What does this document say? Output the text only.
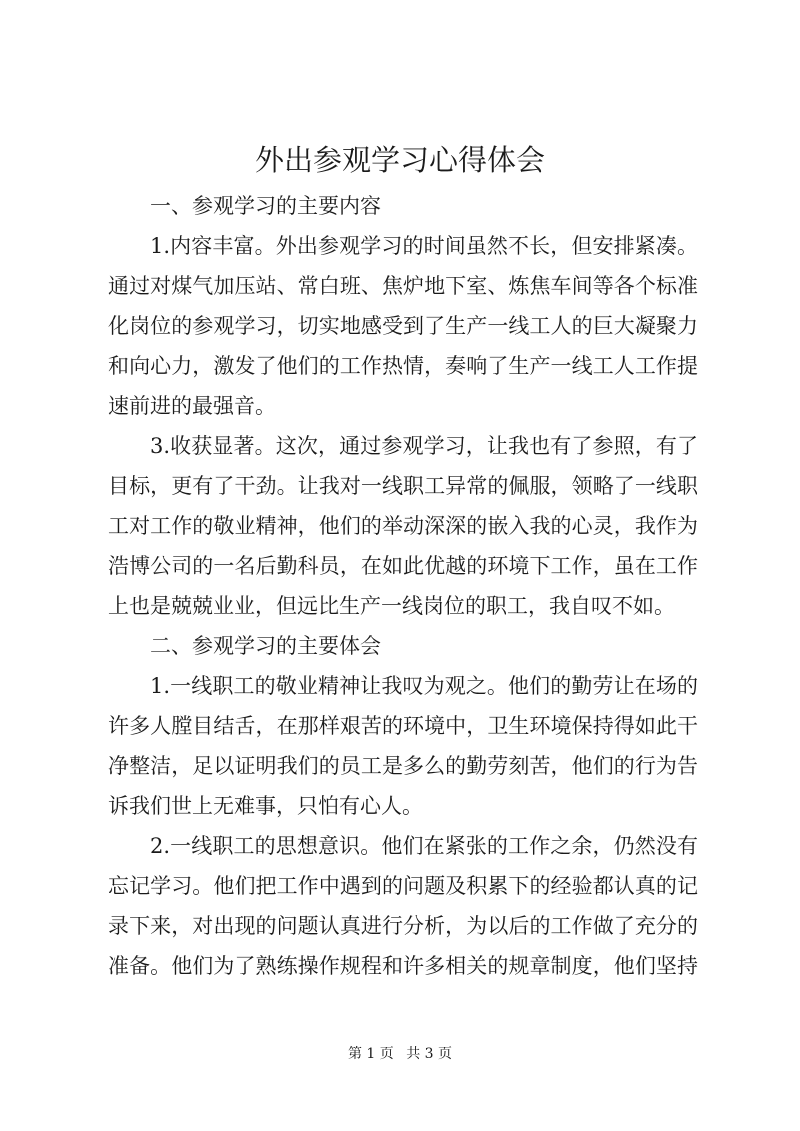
外出参观学习心得体会
一、参观学习的主要内容
1.内容丰富。外出参观学习的时间虽然不长，但安排紧凑。
通过对煤气加压站、常白班、焦炉地下室、炼焦车间等各个标准
化岗位的参观学习，切实地感受到了生产一线工人的巨大凝聚力
和向心力，激发了他们的工作热情，奏响了生产一线工人工作提
速前进的最强音。
3.收获显著。这次，通过参观学习，让我也有了参照，有了
目标，更有了干劲。让我对一线职工异常的佩服，领略了一线职
工对工作的敬业精神，他们的举动深深的嵌入我的心灵，我作为
浩博公司的一名后勤科员，在如此优越的环境下工作，虽在工作
上也是兢兢业业，但远比生产一线岗位的职工，我自叹不如。
二、参观学习的主要体会
1.一线职工的敬业精神让我叹为观之。他们的勤劳让在场的
许多人膛目结舌，在那样艰苦的环境中，卫生环境保持得如此干
净整洁，足以证明我们的员工是多么的勤劳刻苦，他们的行为告
诉我们世上无难事，只怕有心人。
2.一线职工的思想意识。他们在紧张的工作之余，仍然没有
忘记学习。他们把工作中遇到的问题及积累下的经验都认真的记
录下来，对出现的问题认真进行分析，为以后的工作做了充分的
准备。他们为了熟练操作规程和许多相关的规章制度，他们坚持
第 1 页 共 3 页
